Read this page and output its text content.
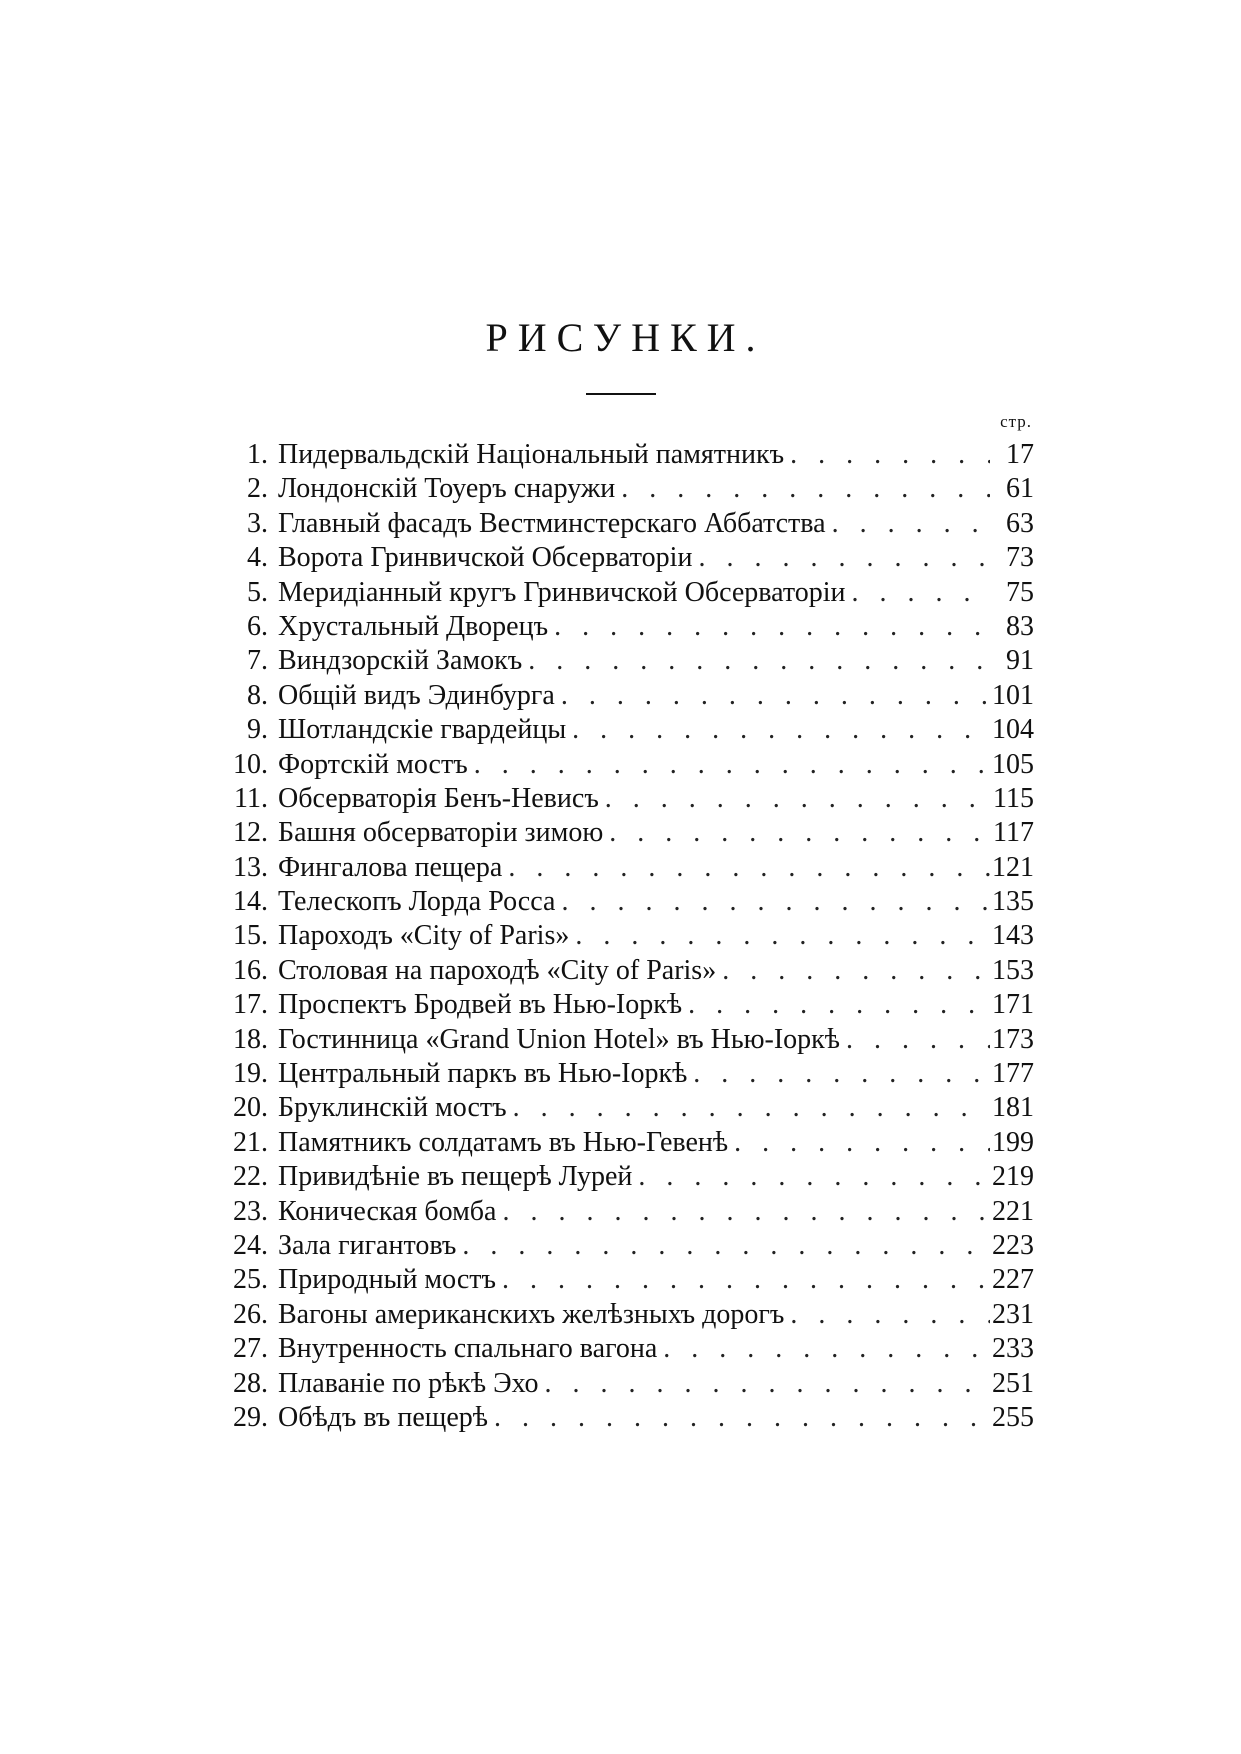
РИСУНКИ.
стр.
1. Пидервальдскій Національный памятникъ . . .	17
2. Лондонскій Тоуеръ снаружи . . .	61
3. Главный фасадъ Вестминстерскаго Аббатства . . .	63
4. Ворота Гринвичской Обсерваторіи . . .	73
5. Меридіанный кругъ Гринвичской Обсерваторіи . . .	75
6. Хрустальный Дворецъ . . .	83
7. Виндзорскій Замокъ . . .	91
8. Общій видъ Эдинбурга . . .	101
9. Шотландскіе гвардейцы . . .	104
10. Фортскій мостъ . . .	105
11. Обсерваторія Бенъ-Невисъ . . .	115
12. Башня обсерваторіи зимою . . .	117
13. Фингалова пещера . . .	121
14. Телескопъ Лорда Росса . . .	135
15. Пароходъ «City of Paris» . . .	143
16. Столовая на пароходѣ «City of Paris» . . .	153
17. Проспектъ Бродвей въ Нью-Іоркѣ . . .	171
18. Гостинница «Grand Union Hotel» въ Нью-Іоркѣ . . .	173
19. Центральный паркъ въ Нью-Іоркѣ . . .	177
20. Бруклинскій мостъ . . .	181
21. Памятникъ солдатамъ въ Нью-Гевенѣ . . .	199
22. Привидѣніе въ пещерѣ Лурей . . .	219
23. Коническая бомба . . .	221
24. Зала гигантовъ . . .	223
25. Природный мостъ . . .	227
26. Вагоны американскихъ желѣзныхъ дорогъ . . .	231
27. Внутренность спальнаго вагона . . .	233
28. Плаваніе по рѣкѣ Эхо . . .	251
29. Обѣдъ въ пещерѣ . . .	255
